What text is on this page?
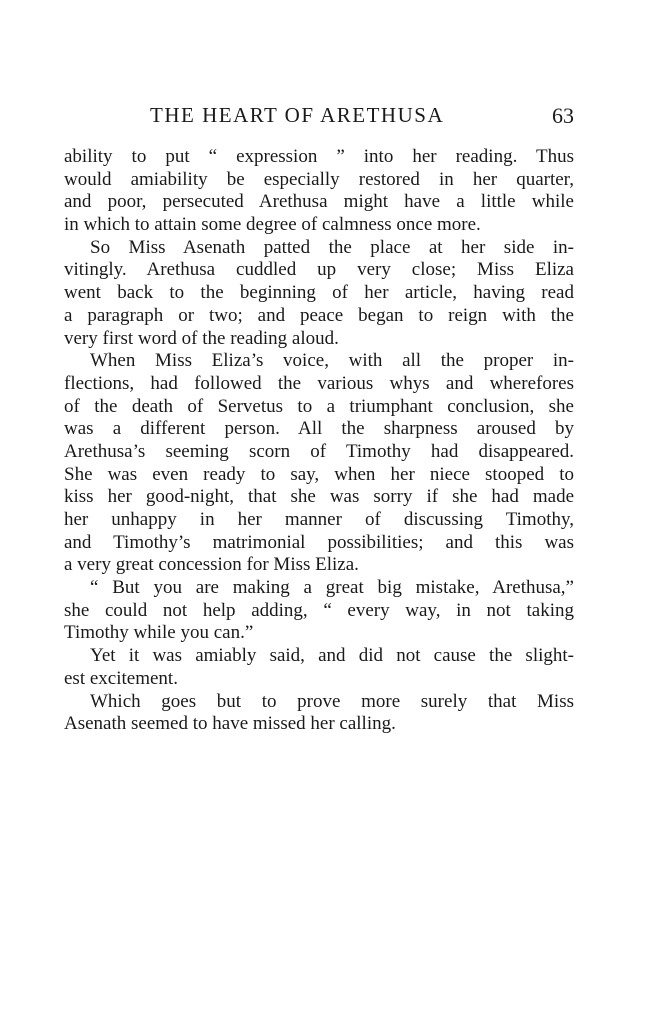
THE HEART OF ARETHUSA	63
ability to put “ expression ” into her reading. Thus
would amiability be especially restored in her quarter,
and poor, persecuted Arethusa might have a little while
in which to attain some degree of calmness once more.
So Miss Asenath patted the place at her side in-
vitingly. Arethusa cuddled up very close; Miss Eliza
went back to the beginning of her article, having read
a paragraph or two; and peace began to reign with the
very first word of the reading aloud.
When Miss Eliza’s voice, with all the proper in-
flections, had followed the various whys and wherefores
of the death of Servetus to a triumphant conclusion, she
was a different person. All the sharpness aroused by
Arethusa’s seeming scorn of Timothy had disappeared.
She was even ready to say, when her niece stooped to
kiss her good-night, that she was sorry if she had made
her unhappy in her manner of discussing Timothy,
and Timothy’s matrimonial possibilities; and this was
a very great concession for Miss Eliza.
“ But you are making a great big mistake, Arethusa,”
she could not help adding, “ every way, in not taking
Timothy while you can.”
Yet it was amiably said, and did not cause the slight-
est excitement.
Which goes but to prove more surely that Miss
Asenath seemed to have missed her calling.
